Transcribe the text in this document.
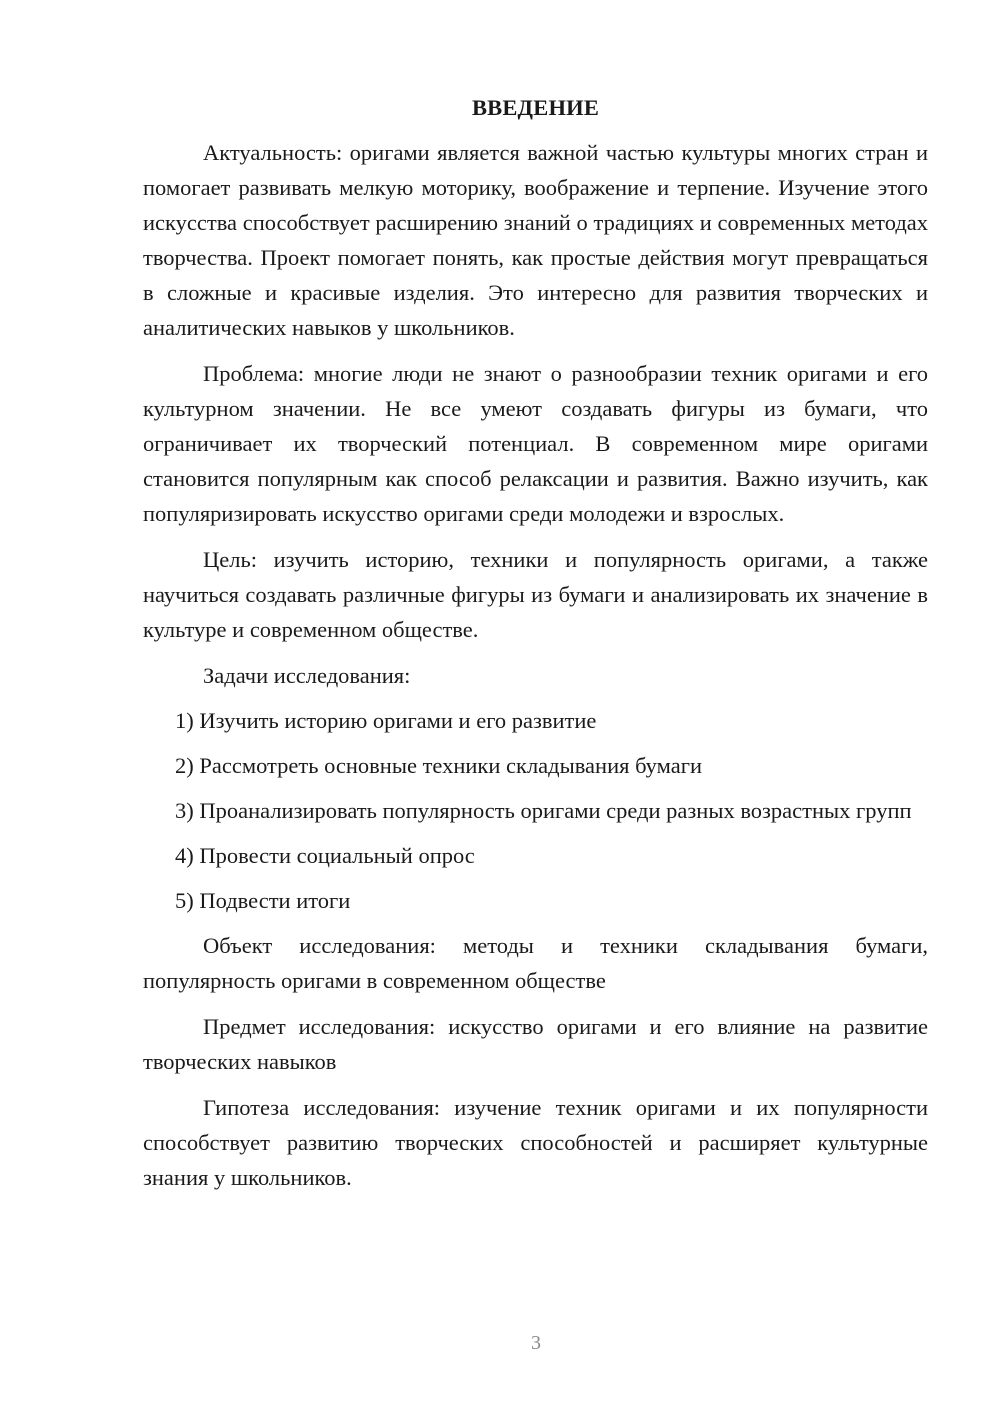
ВВЕДЕНИЕ

Актуальность: оригами является важной частью культуры многих стран и помогает развивать мелкую моторику, воображение и терпение. Изучение этого искусства способствует расширению знаний о традициях и современных методах творчества. Проект помогает понять, как простые действия могут превращаться в сложные и красивые изделия. Это интересно для развития творческих и аналитических навыков у школьников.

Проблема: многие люди не знают о разнообразии техник оригами и его культурном значении. Не все умеют создавать фигуры из бумаги, что ограничивает их творческий потенциал. В современном мире оригами становится популярным как способ релаксации и развития. Важно изучить, как популяризировать искусство оригами среди молодежи и взрослых.

Цель: изучить историю, техники и популярность оригами, а также научиться создавать различные фигуры из бумаги и анализировать их значение в культуре и современном обществе.

Задачи исследования:

1) Изучить историю оригами и его развитие
2) Рассмотреть основные техники складывания бумаги
3) Проанализировать популярность оригами среди разных возрастных групп
4) Провести социальный опрос
5) Подвести итоги

Объект исследования: методы и техники складывания бумаги, популярность оригами в современном обществе

Предмет исследования: искусство оригами и его влияние на развитие творческих навыков

Гипотеза исследования: изучение техник оригами и их популярности способствует развитию творческих способностей и расширяет культурные знания у школьников.

3
